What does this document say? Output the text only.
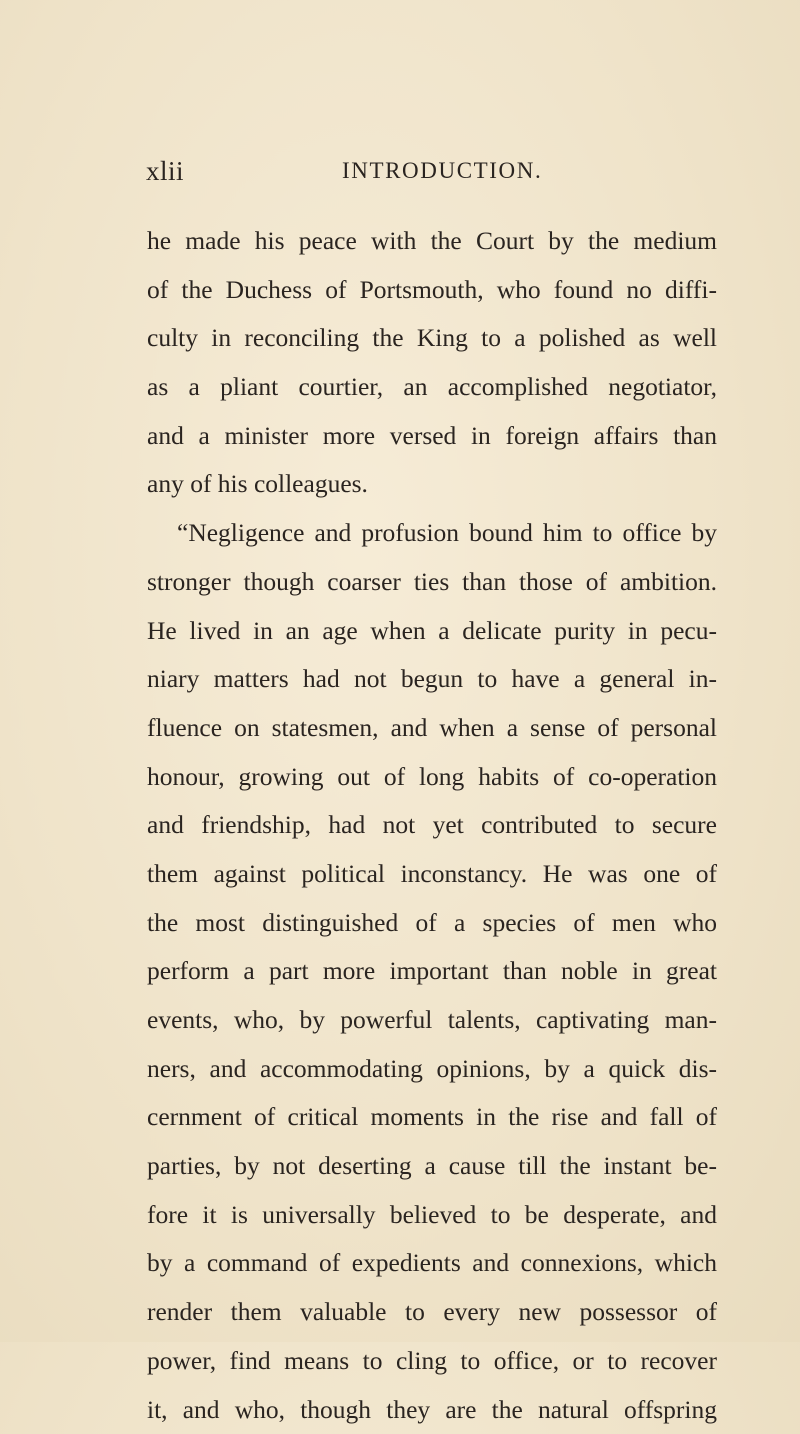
xlii	INTRODUCTION.
he made his peace with the Court by the medium
of the Duchess of Portsmouth, who found no diffi-
culty in reconciling the King to a polished as well
as a pliant courtier, an accomplished negotiator,
and a minister more versed in foreign affairs than
any of his colleagues.
“Negligence and profusion bound him to office by
stronger though coarser ties than those of ambition.
He lived in an age when a delicate purity in pecu-
niary matters had not begun to have a general in-
fluence on statesmen, and when a sense of personal
honour, growing out of long habits of co-operation
and friendship, had not yet contributed to secure
them against political inconstancy. He was one of
the most distinguished of a species of men who
perform a part more important than noble in great
events, who, by powerful talents, captivating man-
ners, and accommodating opinions, by a quick dis-
cernment of critical moments in the rise and fall of
parties, by not deserting a cause till the instant be-
fore it is universally believed to be desperate, and
by a command of expedients and connexions, which
render them valuable to every new possessor of
power, find means to cling to office, or to recover
it, and who, though they are the natural offspring
